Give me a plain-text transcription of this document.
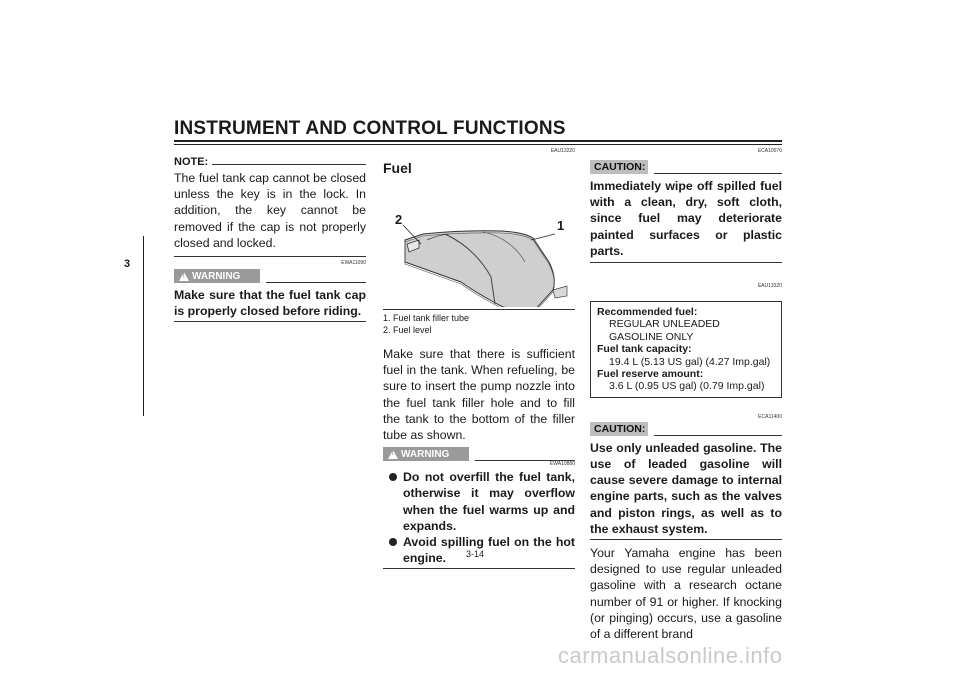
INSTRUMENT AND CONTROL FUNCTIONS
3
NOTE:

The fuel tank cap cannot be closed unless the key is in the lock. In addition, the key cannot be removed if the cap is not properly closed and locked.

EWA11090
!
WARNING

Make sure that the fuel tank cap is properly closed before riding.

EAU13220
Fuel
2	1
1. Fuel tank filler tube
2. Fuel level

Make sure that there is sufficient fuel in the tank. When refueling, be sure to insert the pump nozzle into the fuel tank filler hole and to fill the tank to the bottom of the filler tube as shown.

!
WARNING
EWA10880
Do not overfill the fuel tank, otherwise it may overflow when the fuel warms up and expands.
Avoid spilling fuel on the hot engine.
ECA10070
CAUTION:

Immediately wipe off spilled fuel with a clean, dry, soft cloth, since fuel may deteriorate painted surfaces or plastic parts.

EAU13320
Recommended fuel:
REGULAR UNLEADED GASOLINE ONLY
Fuel tank capacity:
19.4 L (5.13 US gal) (4.27 Imp.gal)
Fuel reserve amount:
3.6 L (0.95 US gal) (0.79 Imp.gal)
ECA11400
CAUTION:

Use only unleaded gasoline. The use of leaded gasoline will cause severe damage to internal engine parts, such as the valves and piston rings, as well as to the exhaust system.

Your Yamaha engine has been designed to use regular unleaded gasoline with a research octane number of 91 or higher. If knocking (or pinging) occurs, use a gasoline of a different brand

3-14
carmanualsonline.info
